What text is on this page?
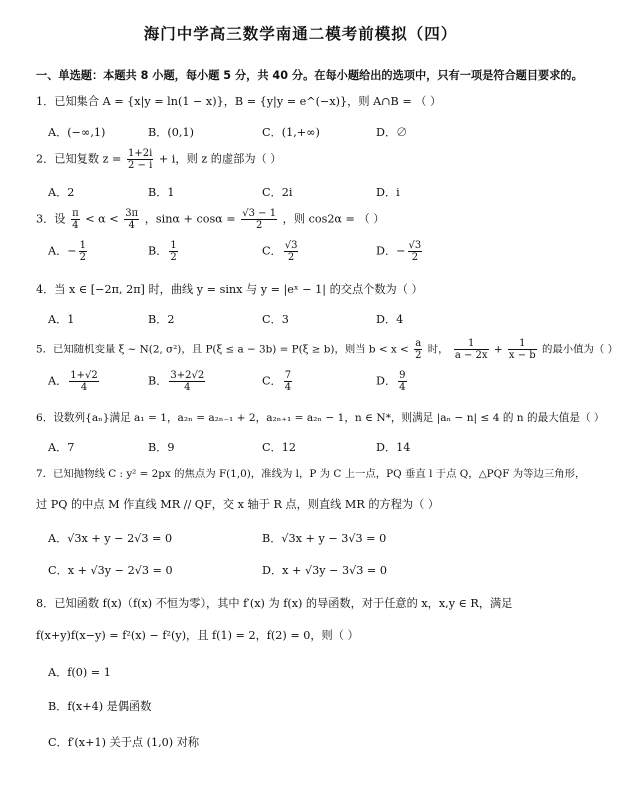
海门中学高三数学南通二模考前模拟（四）
一、单选题：本题共 8 小题，每小题 5 分，共 40 分。在每小题给出的选项中，只有一项是符合题目要求的。
1．已知集合 A = {x|y = ln(1 − x)}，B = {y|y = e^(−x)}，则 A∩B = （ ）
A．(−∞,1)	B．(0,1)	C．(1,+∞)	D．∅
2．已知复数 $z = \frac{1+2i}{2 - i} + i$，则 z 的虚部为（ ）
A．2	B．1	C．2i	D．i
3．设 $\frac{\pi}{4} < \alpha < \frac{3\pi}{4}$ ，$\sin\alpha + \cos\alpha = \frac{√3 - 1}{2}$ ，则 cos2α = （ ）
A．− $\frac{1}{2}$	B． $\frac{1}{2}$	C． $\frac{√3}{2}$	D．− $\frac{√3}{2}$
4．当 x ∈ [−2π, 2π] 时，曲线 y = sinx 与 y = |eˣ − 1| 的交点个数为（ ）
A．1	B．2	C．3	D．4
5．已知随机变量 ξ ~ N(2, σ²)，且 P(ξ ≤ a − 3b) = P(ξ ≥ b)，则当 $b < x < \frac{a}{2}$ 时， $\frac{1}{a - 2x} + \frac{1}{x - b}$ 的最小值为（ ）
A． $\frac{1+√2}{4}$	B． $\frac{3+2√2}{4}$	C． $\frac{7}{4}$	D． $\frac{9}{4}$
6．设数列{aₙ}满足 a₁ = 1，a₂ₙ = a₂ₙ₋₁ + 2，a₂ₙ₊₁ = a₂ₙ − 1，n ∈ N*，则满足 |aₙ − n| ≤ 4 的 n 的最大值是（ ）
A．7	B．9	C．12	D．14
7．已知抛物线 C : y² = 2px 的焦点为 F(1,0)，准线为 l，P 为 C 上一点，PQ 垂直 l 于点 Q，△PQF 为等边三角形，
过 PQ 的中点 M 作直线 MR // QF，交 x 轴于 R 点，则直线 MR 的方程为（ ）
A．√3x + y − 2√3 = 0	B．√3x + y − 3√3 = 0
C．x + √3y − 2√3 = 0	D．x + √3y − 3√3 = 0
8．已知函数 f(x)（f(x) 不恒为零），其中 f′(x) 为 f(x) 的导函数，对于任意的 x，x,y ∈ R，满足
f(x+y)f(x−y) = f²(x) − f²(y)，且 f(1) = 2，f(2) = 0，则（ ）
A．f(0) = 1
B．f(x+4) 是偶函数
C．f′(x+1) 关于点 (1,0) 对称
